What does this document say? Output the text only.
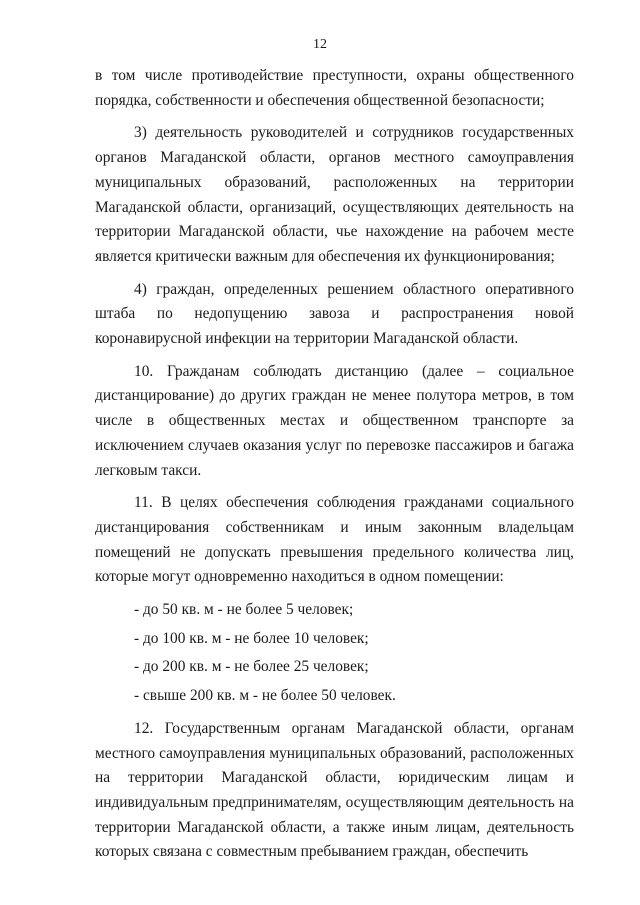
12

в том числе противодействие преступности, охраны общественного порядка, собственности и обеспечения общественной безопасности;

3) деятельность руководителей и сотрудников государственных органов Магаданской области, органов местного самоуправления муниципальных образований, расположенных на территории Магаданской области, организаций, осуществляющих деятельность на территории Магаданской области, чье нахождение на рабочем месте является критически важным для обеспечения их функционирования;

4) граждан, определенных решением областного оперативного штаба по недопущению завоза и распространения новой коронавирусной инфекции на территории Магаданской области.

10. Гражданам соблюдать дистанцию (далее – социальное дистанцирование) до других граждан не менее полутора метров, в том числе в общественных местах и общественном транспорте за исключением случаев оказания услуг по перевозке пассажиров и багажа легковым такси.

11. В целях обеспечения соблюдения гражданами социального дистанцирования собственникам и иным законным владельцам помещений не допускать превышения предельного количества лиц, которые могут одновременно находиться в одном помещении:

- до 50 кв. м - не более 5 человек;

- до 100 кв. м - не более 10 человек;

- до 200 кв. м - не более 25 человек;

- свыше 200 кв. м - не более 50 человек.

12. Государственным органам Магаданской области, органам местного самоуправления муниципальных образований, расположенных на территории Магаданской области, юридическим лицам и индивидуальным предпринимателям, осуществляющим деятельность на территории Магаданской области, а также иным лицам, деятельность которых связана с совместным пребыванием граждан, обеспечить
